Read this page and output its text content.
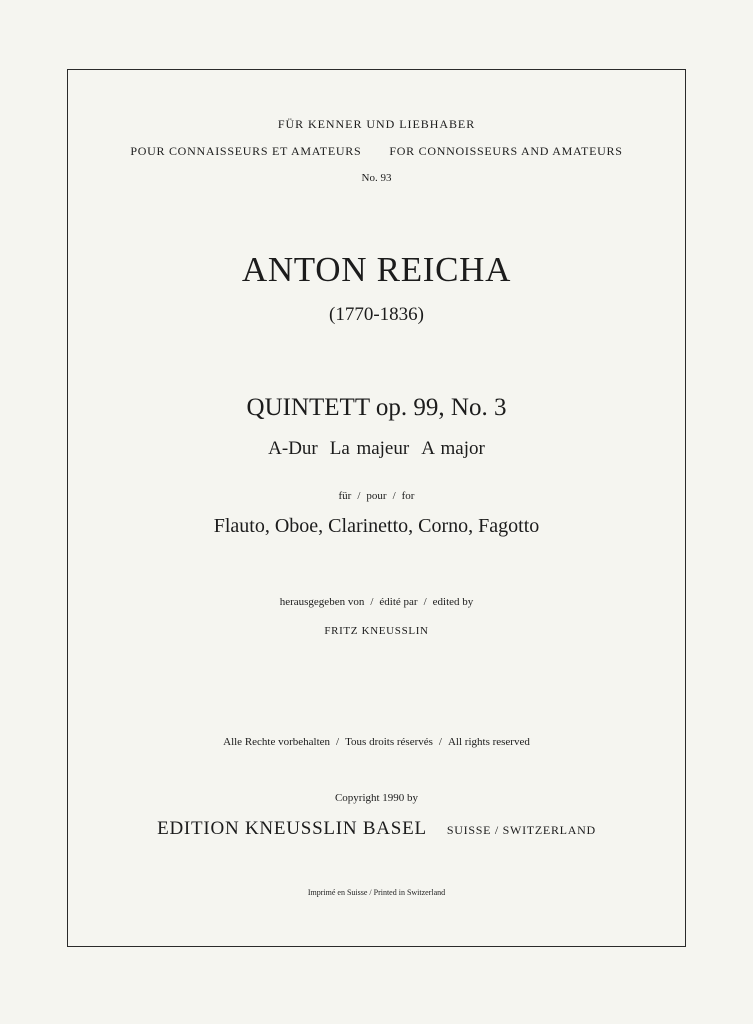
FÜR KENNER UND LIEBHABER
POUR CONNAISSEURS ET AMATEURS FOR CONNOISSEURS AND AMATEURS
No. 93
ANTON REICHA
(1770-1836)
QUINTETT op. 99, No. 3
A-Dur La majeur A major
für / pour / for
Flauto, Oboe, Clarinetto, Corno, Fagotto
herausgegeben von / édité par / edited by
FRITZ KNEUSSLIN
Alle Rechte vorbehalten / Tous droits réservés / All rights reserved
Copyright 1990 by
EDITION KNEUSSLIN BASEL SUISSE / SWITZERLAND
Imprimé en Suisse / Printed in Switzerland
